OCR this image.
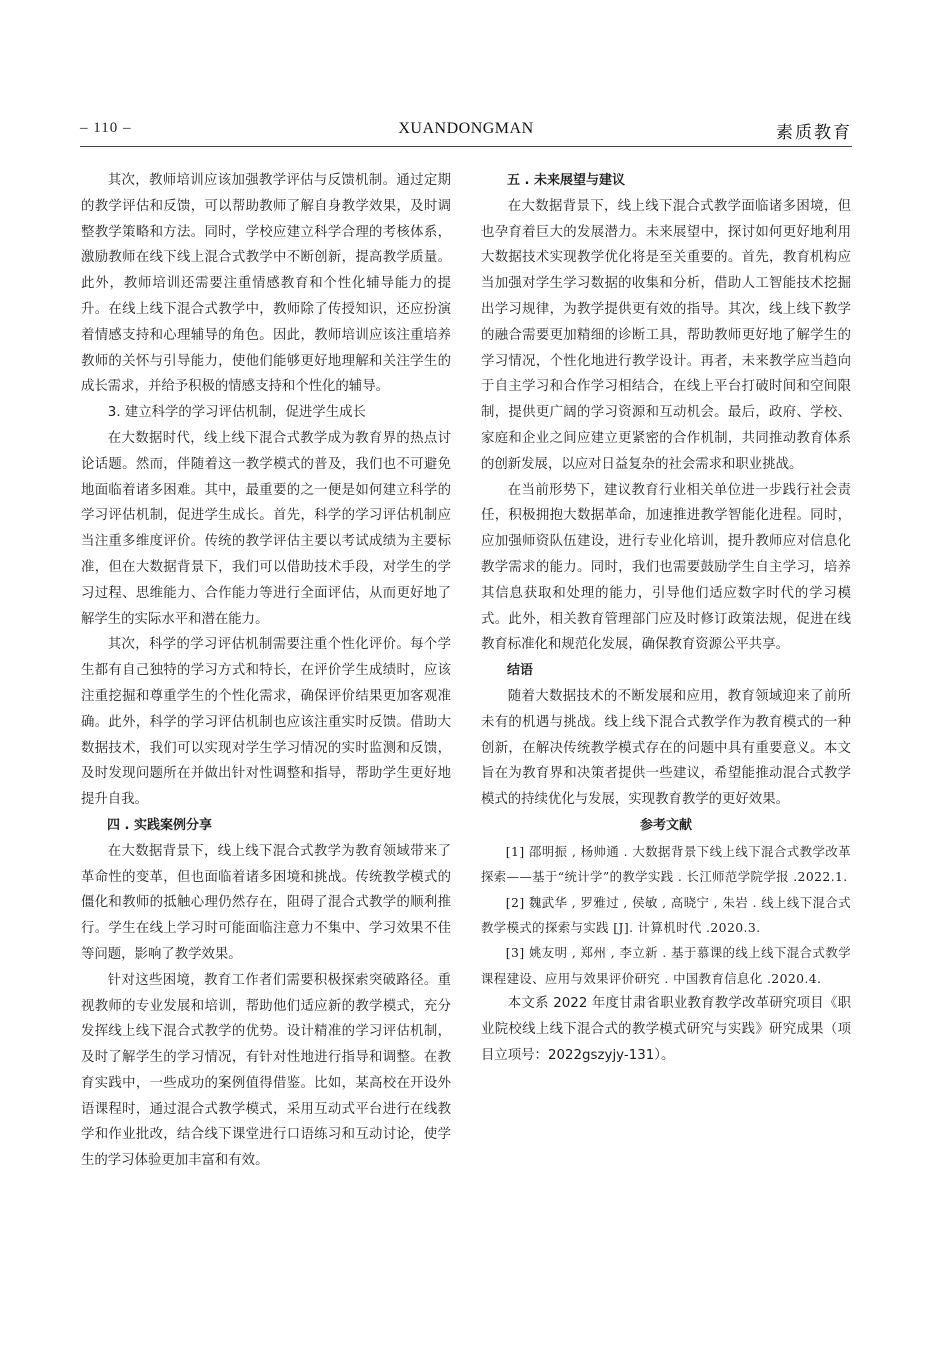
– 110 –	XUANDONGMAN	素质教育

其次，教师培训应该加强教学评估与反馈机制。通过定期的教学评估和反馈，可以帮助教师了解自身教学效果，及时调整教学策略和方法。同时，学校应建立科学合理的考核体系，激励教师在线下线上混合式教学中不断创新，提高教学质量。此外，教师培训还需要注重情感教育和个性化辅导能力的提升。在线上线下混合式教学中，教师除了传授知识，还应扮演着情感支持和心理辅导的角色。因此，教师培训应该注重培养教师的关怀与引导能力，使他们能够更好地理解和关注学生的成长需求，并给予积极的情感支持和个性化的辅导。

3. 建立科学的学习评估机制，促进学生成长

在大数据时代，线上线下混合式教学成为教育界的热点讨论话题。然而，伴随着这一教学模式的普及，我们也不可避免地面临着诸多困难。其中，最重要的之一便是如何建立科学的学习评估机制，促进学生成长。首先，科学的学习评估机制应当注重多维度评价。传统的教学评估主要以考试成绩为主要标准，但在大数据背景下，我们可以借助技术手段，对学生的学习过程、思维能力、合作能力等进行全面评估，从而更好地了解学生的实际水平和潜在能力。

其次，科学的学习评估机制需要注重个性化评价。每个学生都有自己独特的学习方式和特长，在评价学生成绩时，应该注重挖掘和尊重学生的个性化需求，确保评价结果更加客观准确。此外，科学的学习评估机制也应该注重实时反馈。借助大数据技术，我们可以实现对学生学习情况的实时监测和反馈，及时发现问题所在并做出针对性调整和指导，帮助学生更好地提升自我。

四 . 实践案例分享

在大数据背景下，线上线下混合式教学为教育领域带来了革命性的变革，但也面临着诸多困境和挑战。传统教学模式的僵化和教师的抵触心理仍然存在，阻碍了混合式教学的顺利推行。学生在线上学习时可能面临注意力不集中、学习效果不佳等问题，影响了教学效果。

针对这些困境，教育工作者们需要积极探索突破路径。重视教师的专业发展和培训，帮助他们适应新的教学模式，充分发挥线上线下混合式教学的优势。设计精准的学习评估机制，及时了解学生的学习情况，有针对性地进行指导和调整。在教育实践中，一些成功的案例值得借鉴。比如，某高校在开设外语课程时，通过混合式教学模式，采用互动式平台进行在线教学和作业批改，结合线下课堂进行口语练习和互动讨论，使学生的学习体验更加丰富和有效。

五 . 未来展望与建议

在大数据背景下，线上线下混合式教学面临诸多困境，但也孕育着巨大的发展潜力。未来展望中，探讨如何更好地利用大数据技术实现教学优化将是至关重要的。首先，教育机构应当加强对学生学习数据的收集和分析，借助人工智能技术挖掘出学习规律，为教学提供更有效的指导。其次，线上线下教学的融合需要更加精细的诊断工具，帮助教师更好地了解学生的学习情况，个性化地进行教学设计。再者，未来教学应当趋向于自主学习和合作学习相结合，在线上平台打破时间和空间限制，提供更广阔的学习资源和互动机会。最后，政府、学校、家庭和企业之间应建立更紧密的合作机制，共同推动教育体系的创新发展，以应对日益复杂的社会需求和职业挑战。

在当前形势下，建议教育行业相关单位进一步践行社会责任，积极拥抱大数据革命，加速推进教学智能化进程。同时，应加强师资队伍建设，进行专业化培训，提升教师应对信息化教学需求的能力。同时，我们也需要鼓励学生自主学习，培养其信息获取和处理的能力，引导他们适应数字时代的学习模式。此外，相关教育管理部门应及时修订政策法规，促进在线教育标准化和规范化发展，确保教育资源公平共享。

结语

随着大数据技术的不断发展和应用，教育领域迎来了前所未有的机遇与挑战。线上线下混合式教学作为教育模式的一种创新，在解决传统教学模式存在的问题中具有重要意义。本文旨在为教育界和决策者提供一些建议，希望能推动混合式教学模式的持续优化与发展，实现教育教学的更好效果。

参考文献

[1] 邵明振 , 杨帅通 . 大数据背景下线上线下混合式教学改革探索——基于“统计学”的教学实践 . 长江师范学院学报 .2022.1.

[2] 魏武华 , 罗雅过 , 侯敏 , 高晓宁 , 朱岩 . 线上线下混合式教学模式的探索与实践 [J]. 计算机时代 .2020.3.

[3] 姚友明 , 郑州 , 李立新 . 基于慕课的线上线下混合式教学课程建设、应用与效果评价研究 . 中国教育信息化 .2020.4.

本文系 2022 年度甘肃省职业教育教学改革研究项目《职业院校线上线下混合式的教学模式研究与实践》研究成果（项目立项号：2022gszyjy-131）。
